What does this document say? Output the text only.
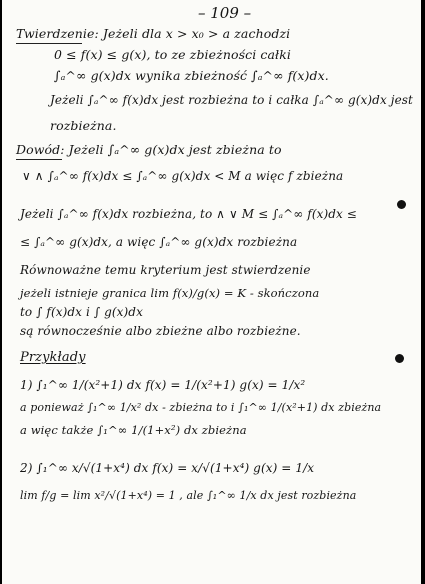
– 109 –
Twierdzenie: Jeżeli dla x > x₀ > a zachodzi
0 ≤ f(x) ≤ g(x), to ze zbieżności całki
∫ₐ^∞ g(x)dx wynika zbieżność ∫ₐ^∞ f(x)dx.
Jeżeli ∫ₐ^∞ f(x)dx jest rozbieżna to i całka ∫ₐ^∞ g(x)dx jest
rozbieżna.
Dowód: Jeżeli ∫ₐ^∞ g(x)dx jest zbieżna to
∨ ∧ ∫ₐ^∞ f(x)dx ≤ ∫ₐ^∞ g(x)dx < M a więc f zbieżna
Jeżeli ∫ₐ^∞ f(x)dx rozbieżna, to ∧ ∨ M ≤ ∫ₐ^∞ f(x)dx ≤
≤ ∫ₐ^∞ g(x)dx, a więc ∫ₐ^∞ g(x)dx rozbieżna
Równoważne temu kryterium jest stwierdzenie
jeżeli istnieje granica lim f(x)/g(x) = K - skończona
to ∫ f(x)dx i ∫ g(x)dx
są równocześnie albo zbieżne albo rozbieżne.
Przykłady
1) ∫₁^∞ 1/(x²+1) dx f(x) = 1/(x²+1) g(x) = 1/x²
a ponieważ ∫₁^∞ 1/x² dx - zbieżna to i ∫₁^∞ 1/(x²+1) dx zbieżna
a więc także ∫₁^∞ 1/(1+x²) dx zbieżna
2) ∫₁^∞ x/√(1+x⁴) dx f(x) = x/√(1+x⁴) g(x) = 1/x
lim f/g = lim x²/√(1+x⁴) = 1 , ale ∫₁^∞ 1/x dx jest rozbieżna
